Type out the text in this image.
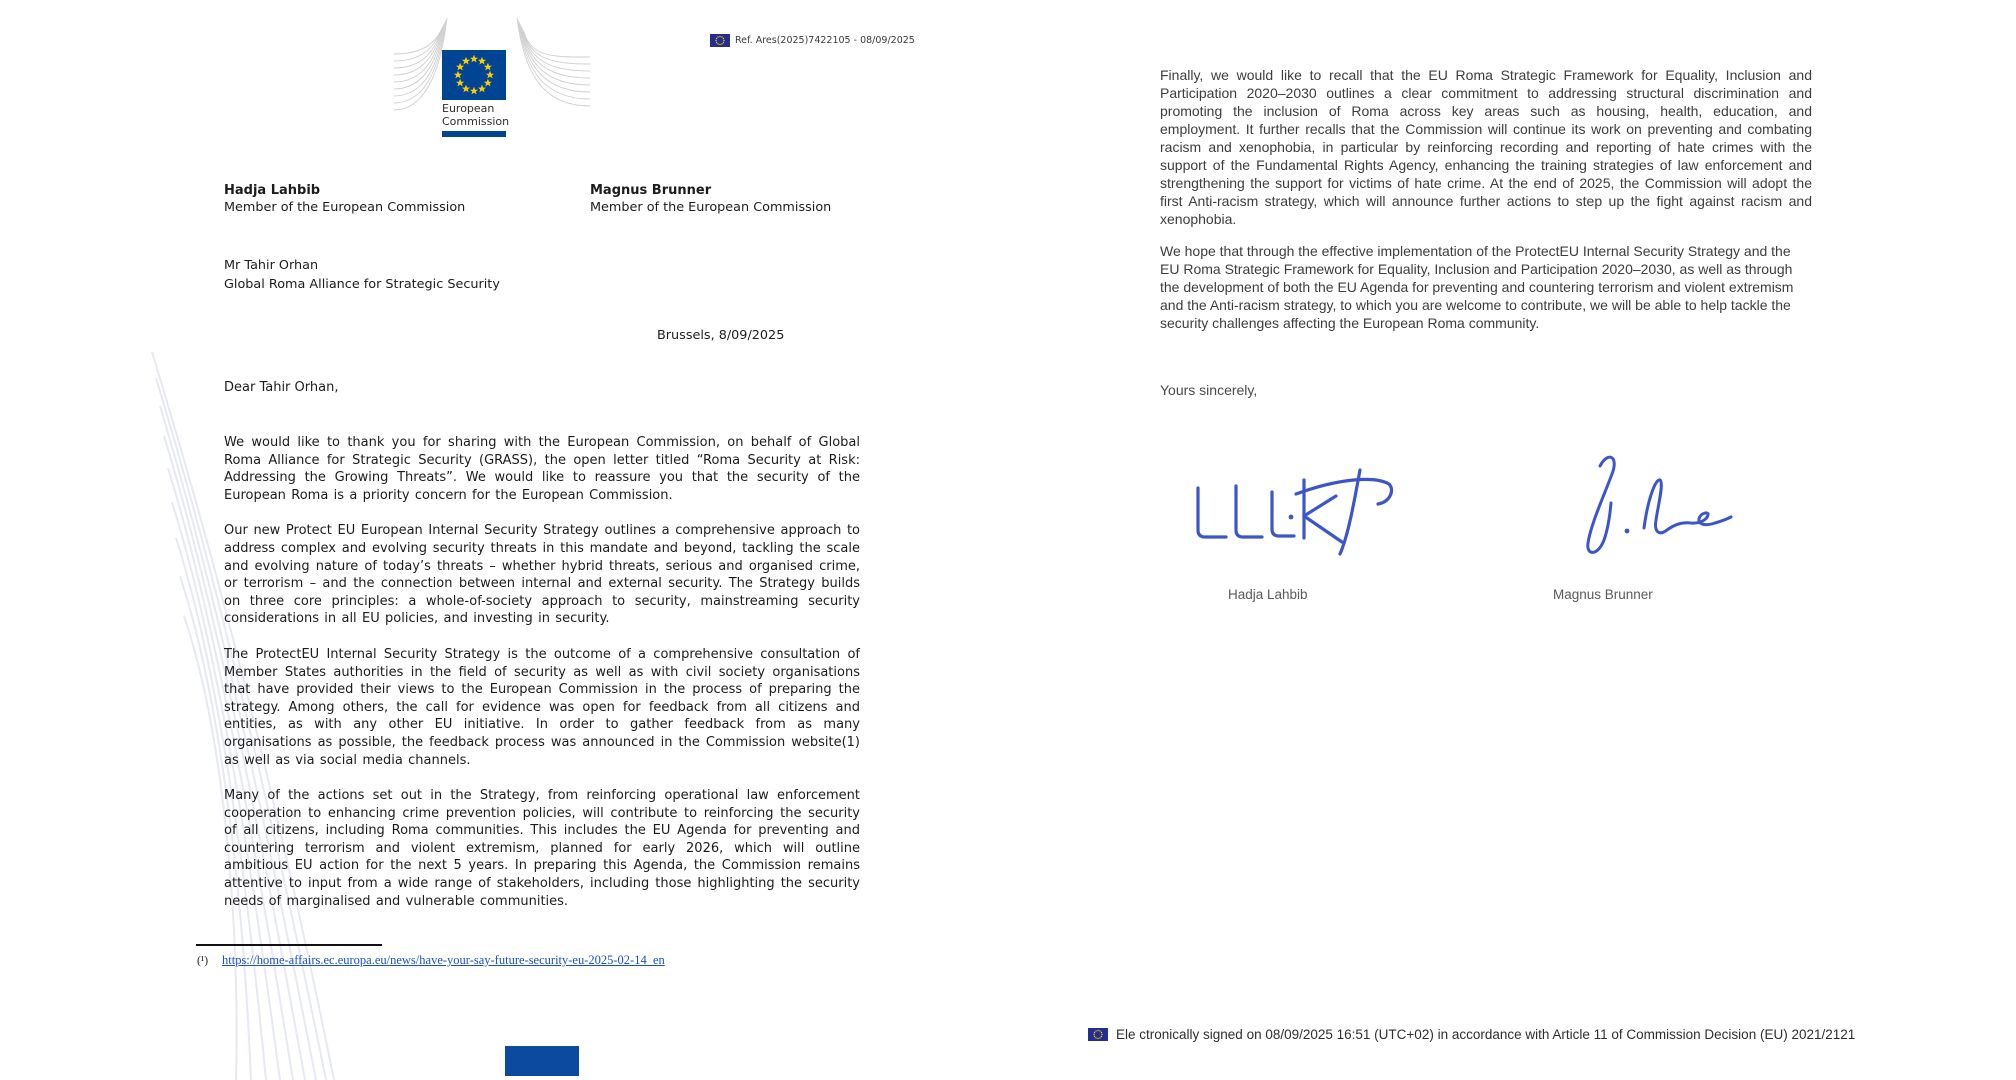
European
Commission
Ref. Ares(2025)7422105 - 08/09/2025
Hadja Lahbib
Member of the European Commission
Magnus Brunner
Member of the European Commission
Mr Tahir Orhan
Global Roma Alliance for Strategic Security
Brussels, 8/09/2025
Dear Tahir Orhan,

We would like to thank you for sharing with the European Commission, on behalf of Global Roma Alliance for Strategic Security (GRASS), the open letter titled “Roma Security at Risk: Addressing the Growing Threats”. We would like to reassure you that the security of the European Roma is a priority concern for the European Commission.

Our new Protect EU European Internal Security Strategy outlines a comprehensive approach to address complex and evolving security threats in this mandate and beyond, tackling the scale and evolving nature of today’s threats – whether hybrid threats, serious and organised crime, or terrorism – and the connection between internal and external security. The Strategy builds on three core principles: a whole-of-society approach to security, mainstreaming security considerations in all EU policies, and investing in security.

The ProtectEU Internal Security Strategy is the outcome of a comprehensive consultation of Member States authorities in the field of security as well as with civil society organisations that have provided their views to the European Commission in the process of preparing the strategy. Among others, the call for evidence was open for feedback from all citizens and entities, as with any other EU initiative. In order to gather feedback from as many organisations as possible, the feedback process was announced in the Commission website(1) as well as via social media channels.

Many of the actions set out in the Strategy, from reinforcing operational law enforcement cooperation to enhancing crime prevention policies, will contribute to reinforcing the security of all citizens, including Roma communities. This includes the EU Agenda for preventing and countering terrorism and violent extremism, planned for early 2026, which will outline ambitious EU action for the next 5 years. In preparing this Agenda, the Commission remains attentive to input from a wide range of stakeholders, including those highlighting the security needs of marginalised and vulnerable communities.

(¹) https://home-affairs.ec.europa.eu/news/have-your-say-future-security-eu-2025-02-14_en

Finally, we would like to recall that the EU Roma Strategic Framework for Equality, Inclusion and Participation 2020–2030 outlines a clear commitment to addressing structural discrimination and promoting the inclusion of Roma across key areas such as housing, health, education, and employment. It further recalls that the Commission will continue its work on preventing and combating racism and xenophobia, in particular by reinforcing recording and reporting of hate crimes with the support of the Fundamental Rights Agency, enhancing the training strategies of law enforcement and strengthening the support for victims of hate crime. At the end of 2025, the Commission will adopt the first Anti-racism strategy, which will announce further actions to step up the fight against racism and xenophobia.

We hope that through the effective implementation of the ProtectEU Internal Security Strategy and the EU Roma Strategic Framework for Equality, Inclusion and Participation 2020–2030, as well as through the development of both the EU Agenda for preventing and countering terrorism and violent extremism and the Anti-racism strategy, to which you are welcome to contribute, we will be able to help tackle the security challenges affecting the European Roma community.

Yours sincerely,
Hadja Lahbib	Magnus Brunner
Ele ctronically signed on 08/09/2025 16:51 (UTC+02) in accordance with Article 11 of Commission Decision (EU) 2021/2121
